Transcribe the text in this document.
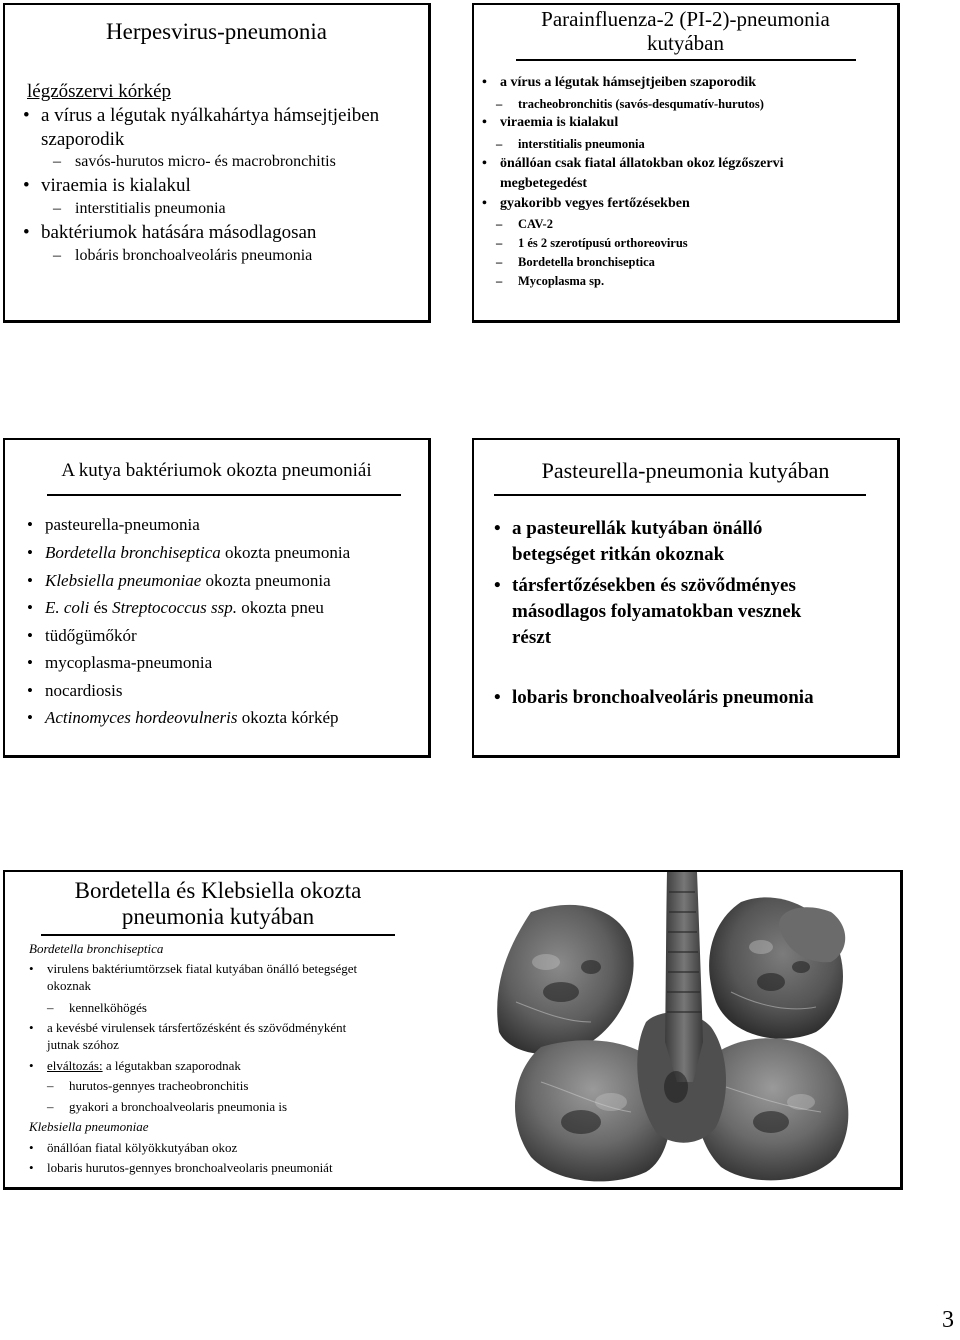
Herpesvirus-pneumonia
légzőszervi kórkép
• a vírus a légutak nyálkahártya hámsejtjeiben
szaporodik
– savós-hurutos micro- és macrobronchitis
• viraemia is kialakul
– interstitialis pneumonia
• baktériumok hatására másodlagosan
– lobáris bronchoalveoláris pneumonia
Parainfluenza-2 (PI-2)-pneumonia
kutyában
• a vírus a légutak hámsejtjeiben szaporodik
– tracheobronchitis (savós-desqumatív-hurutos)
• viraemia is kialakul
– interstitialis pneumonia
• önállóan csak fiatal állatokban okoz légzőszervi
megbetegedést
• gyakoribb vegyes fertőzésekben
– CAV-2
– 1 és 2 szerotípusú orthoreovirus
– Bordetella bronchiseptica
– Mycoplasma sp.
A kutya baktériumok okozta pneumoniái
• pasteurella-pneumonia
• Bordetella bronchiseptica okozta pneumonia
• Klebsiella pneumoniae okozta pneumonia
• E. coli és Streptococcus ssp. okozta pneu
• tüdőgümőkór
• mycoplasma-pneumonia
• nocardiosis
• Actinomyces hordeovulneris okozta kórkép
Pasteurella-pneumonia kutyában
• a pasteurellák kutyában önálló
betegséget ritkán okoznak
• társfertőzésekben és szövődményes
másodlagos folyamatokban vesznek
részt
• lobaris bronchoalveoláris pneumonia
Bordetella és Klebsiella okozta
pneumonia kutyában
Bordetella bronchiseptica
• virulens baktériumtörzsek fiatal kutyában önálló betegséget
okoznak
– kennelköhögés
• a kevésbé virulensek társfertőzésként és szövődményként
jutnak szóhoz
• elváltozás: a légutakban szaporodnak
– hurutos-gennyes tracheobronchitis
– gyakori a bronchoalveolaris pneumonia is
Klebsiella pneumoniae
• önállóan fiatal kölyökkutyában okoz
• lobaris hurutos-gennyes bronchoalveolaris pneumoniát
3
